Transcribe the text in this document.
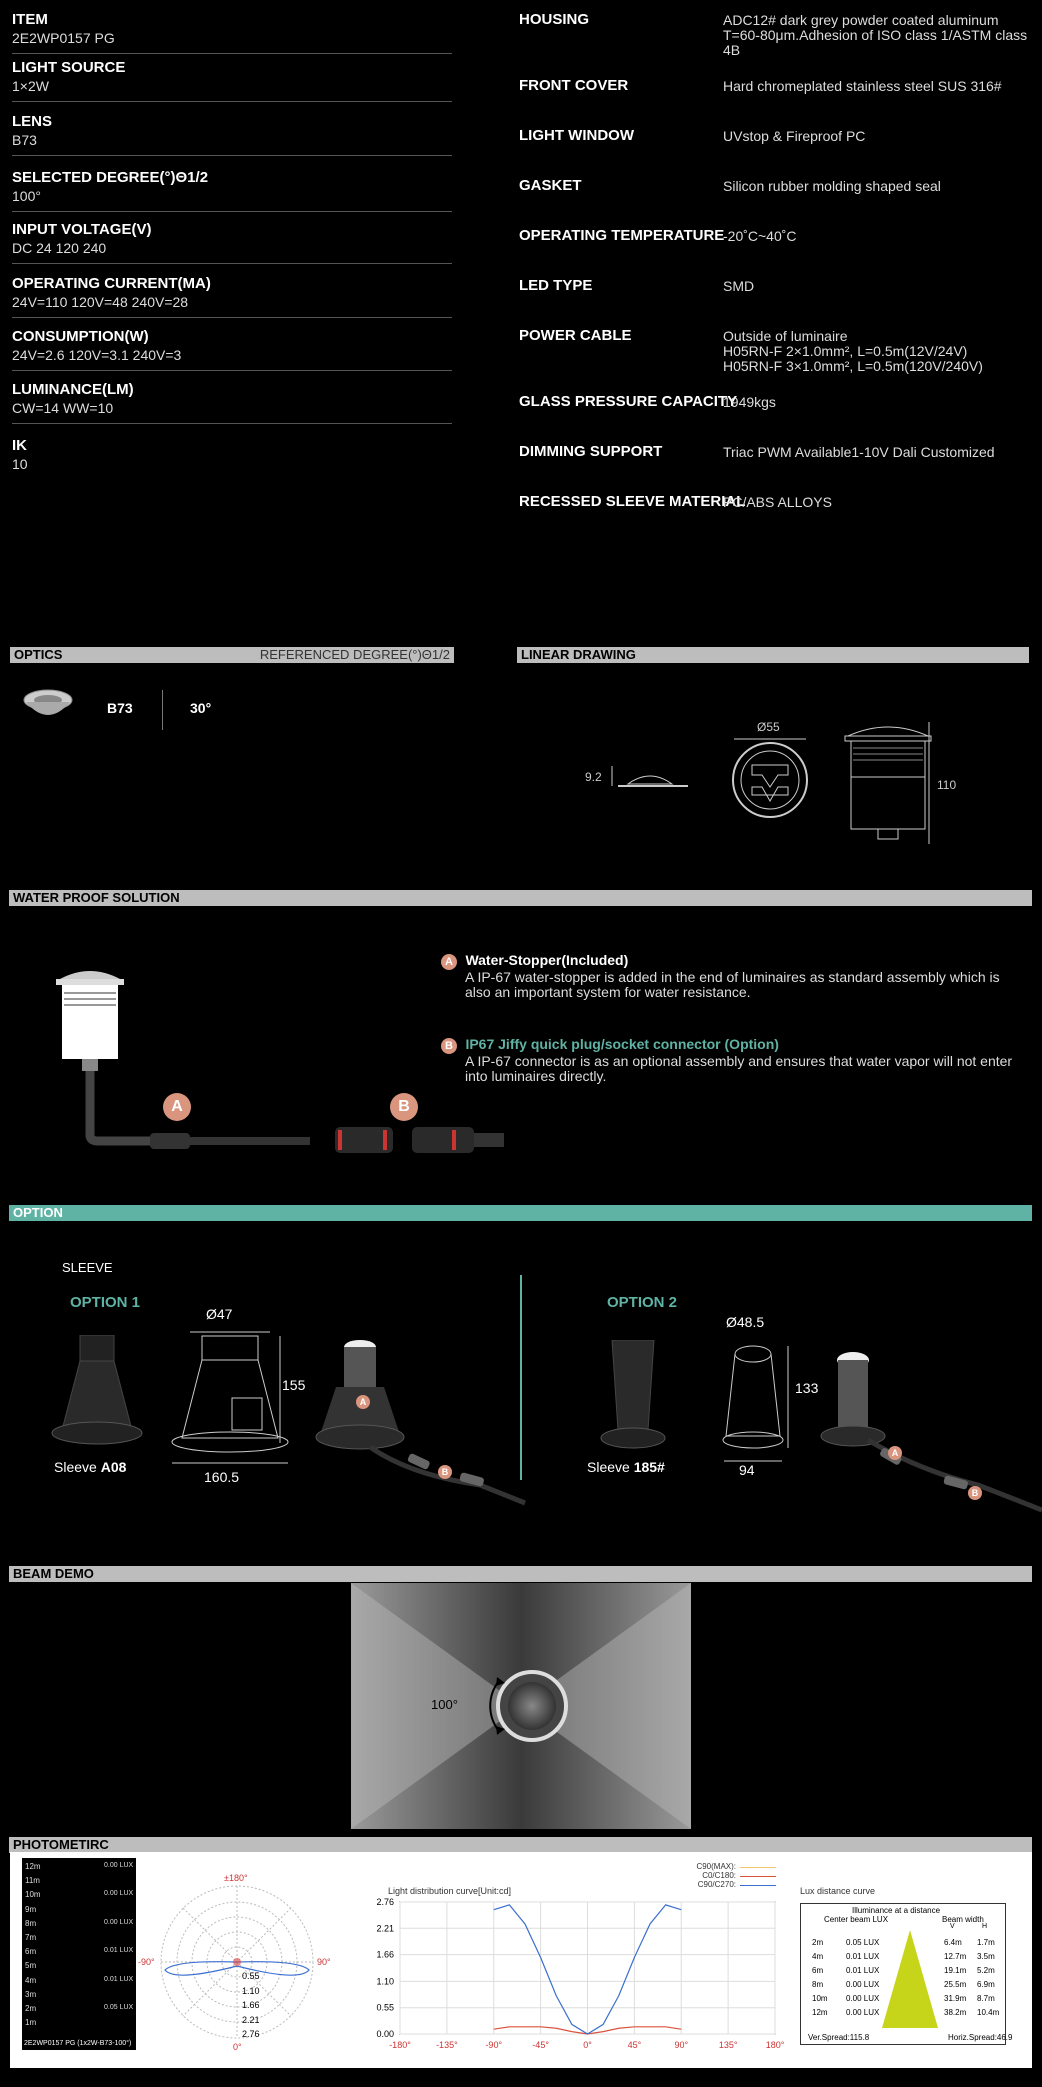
ITEM
2E2WP0157 PG
LIGHT SOURCE
1×2W
LENS
B73
SELECTED DEGREE(°)Θ1/2
100°
INPUT VOLTAGE(V)
DC 24 120 240
OPERATING CURRENT(MA)
24V=110 120V=48 240V=28
CONSUMPTION(W)
24V=2.6 120V=3.1 240V=3
LUMINANCE(LM)
CW=14 WW=10
IK
10
HOUSING	ADC12# dark grey powder coated aluminum T=60-80μm.Adhesion of ISO class 1/ASTM class 4B
FRONT COVER	Hard chromeplated stainless steel SUS 316#
LIGHT WINDOW	UVstop & Fireproof PC
GASKET	Silicon rubber molding shaped seal
OPERATING TEMPERATURE
-20˚C~40˚C
LED TYPE	SMD
POWER CABLE	Outside of luminaire
H05RN-F 2×1.0mm², L=0.5m(12V/24V)
H05RN-F 3×1.0mm², L=0.5m(120V/240V)
GLASS PRESSURE CAPACITY
1949kgs
DIMMING SUPPORT	Triac PWM Available1-10V Dali Customized
RECESSED SLEEVE MATERIAL
PC/ABS ALLOYS
OPTICS	REFERENCED DEGREE(°)Θ1/2
B73	30°
LINEAR DRAWING
9.2
Ø55
110
WATER PROOF SOLUTION
A	B
A Water-Stopper(Included)
A IP-67 water-stopper is added in the end of luminaires as standard assembly which is also an important system for water resistance.
B IP67 Jiffy quick plug/socket connector (Option)
A IP-67 connector is as an optional assembly and ensures that water vapor will not enter into luminaires directly.
OPTION
SLEEVE
OPTION 1	OPTION 2
Sleeve A08
Ø47
155
160.5
A
B	Sleeve 185#
Ø48.5
133
94
A
B
BEAM DEMO
100°
PHOTOMETIRC
12m	0.00 LUX
11m
10m	0.00 LUX
9m
8m	0.00 LUX
7m
6m	0.01 LUX
5m
4m	0.01 LUX
3m
2m	0.05 LUX
1m
2E2WP0157 PG (1x2W-B73-100°)
±180°
-90°	90°
0°
0.55
1.10
1.66
2.21
2.76
Light distribution curve[Unit:cd]
C90(MAX):
C0/C180:
C90/C270:
2.76
2.21
1.66
1.10
0.55
0.00
-180°	-135°	-90°	-45°	0°	45°	90°	135°	180°
Lux distance curve
Illuminance at a distance
Center beam LUX	Beam width
V	H
2m	0.05 LUX	6.4m 1.7m
4m	0.01 LUX	12.7m 3.5m
6m	0.01 LUX	19.1m 5.2m
8m	0.00 LUX	25.5m 6.9m
10m 0.00 LUX	31.9m 8.7m
12m 0.00 LUX	38.2m 10.4m
Ver.Spread:115.8	Horiz.Spread:46.9
